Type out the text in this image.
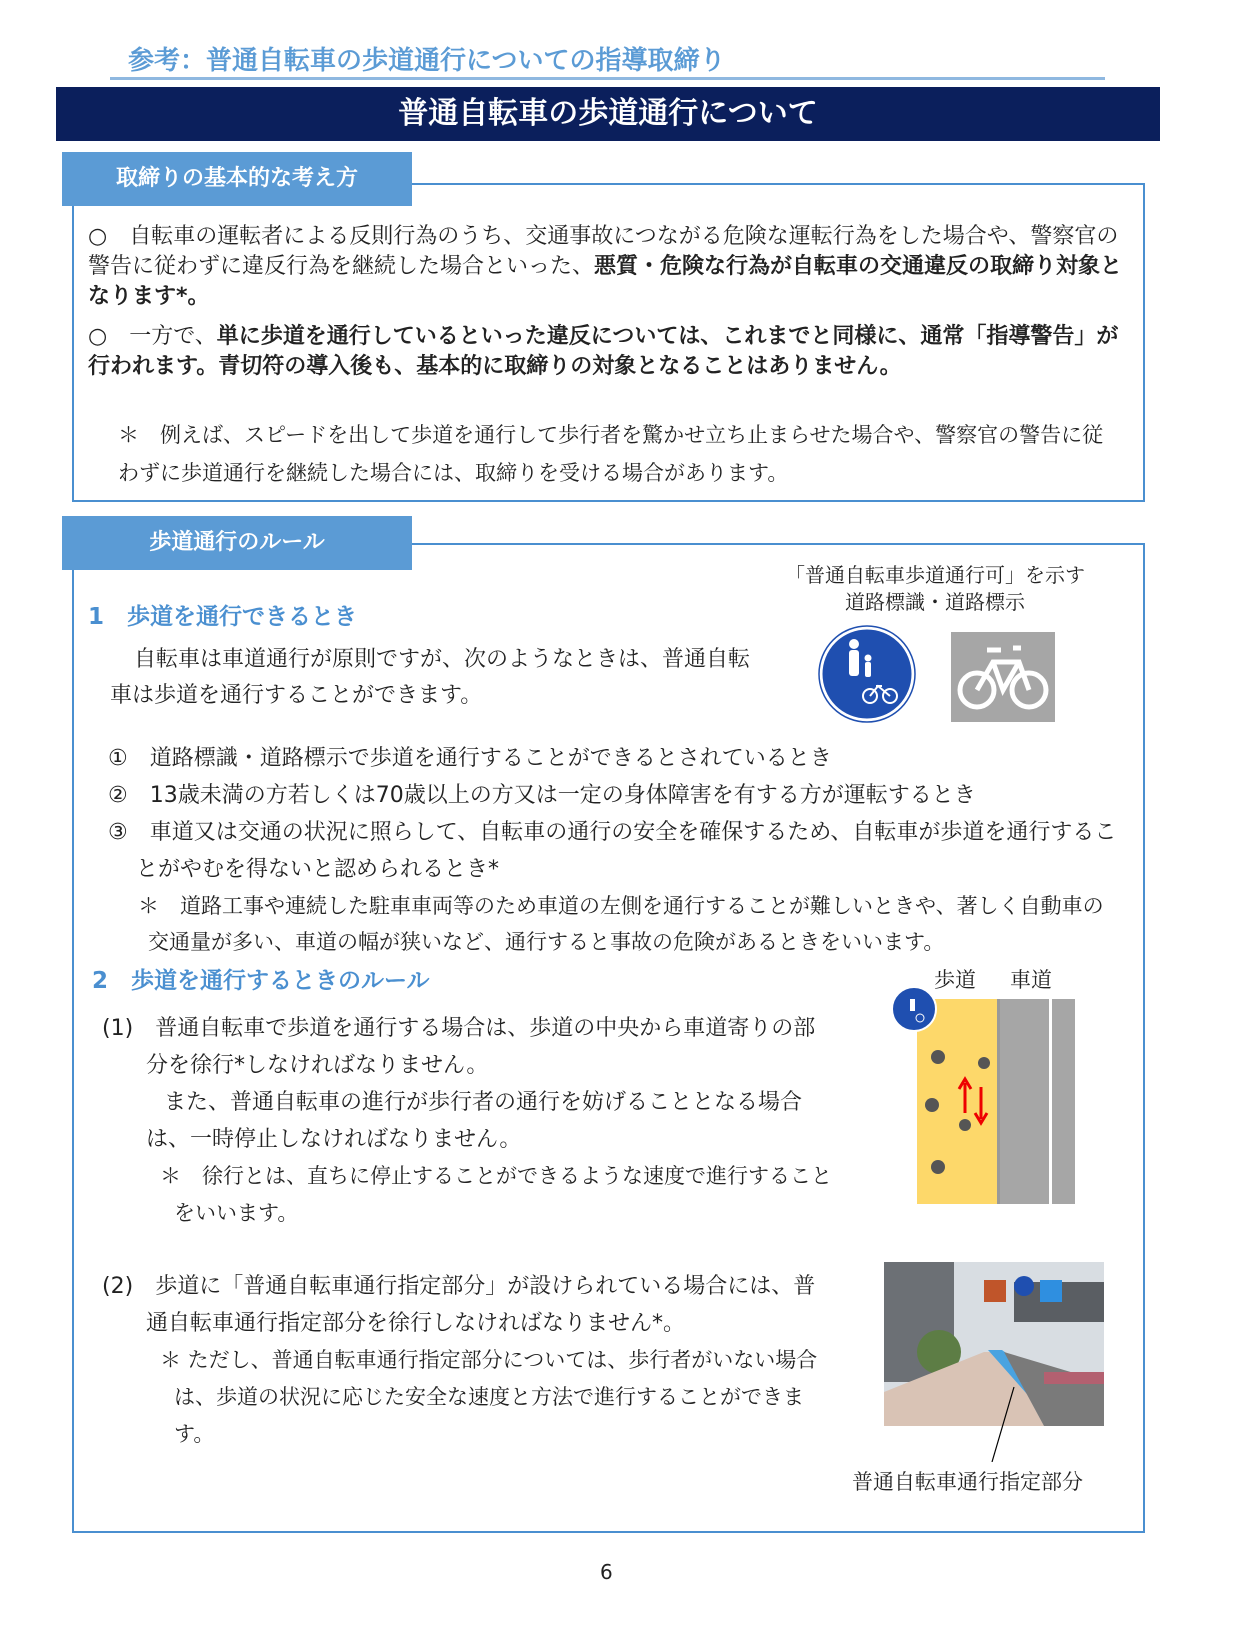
参考：普通自転車の歩道通行についての指導取締り
普通自転車の歩道通行について
取締りの基本的な考え方
○　 自転車の運転者による反則行為のうち、交通事故につながる危険な運転行為をした場合や、警察官の警告に従わずに違反行為を継続した場合といった、悪質・危険な行為が自転車の交通違反の取締り対象となります*。
○　 一方で、単に歩道を通行しているといった違反については、これまでと同様に、通常「指導警告」が行われます。青切符の導入後も、基本的に取締りの対象となることはありません。
＊　例えば、スピードを出して歩道を通行して歩行者を驚かせ立ち止まらせた場合や、警察官の警告に従わずに歩道通行を継続した場合には、取締りを受ける場合があります。
歩道通行のルール
「普通自転車歩道通行可」を示す
道路標識・道路標示
1　歩道を通行できるとき
自転車は車道通行が原則ですが、次のようなときは、普通自転車は歩道を通行することができます。
①　道路標識・道路標示で歩道を通行することができるとされているとき
②　13歳未満の方若しくは70歳以上の方又は一定の身体障害を有する方が運転するとき
③　車道又は交通の状況に照らして、自転車の通行の安全を確保するため、自転車が歩道を通行することがやむを得ないと認められるとき*
＊　道路工事や連続した駐車車両等のため車道の左側を通行することが難しいときや、著しく自動車の交通量が多い、車道の幅が狭いなど、通行すると事故の危険があるときをいいます。
2　歩道を通行するときのルール	歩道 車道
(1)　 普通自転車で歩道を通行する場合は、歩道の中央から車道寄りの部分を徐行*しなければなりません。
また、普通自転車の進行が歩行者の通行を妨げることとなる場合は、一時停止しなければなりません。
＊　徐行とは、直ちに停止することができるような速度で進行することをいいます。
(2)　 歩道に「普通自転車通行指定部分」が設けられている場合には、普通自転車通行指定部分を徐行しなければなりません*。
＊ ただし、普通自転車通行指定部分については、歩行者がいない場合は、歩道の状況に応じた安全な速度と方法で進行することができます。
普通自転車通行指定部分
6
